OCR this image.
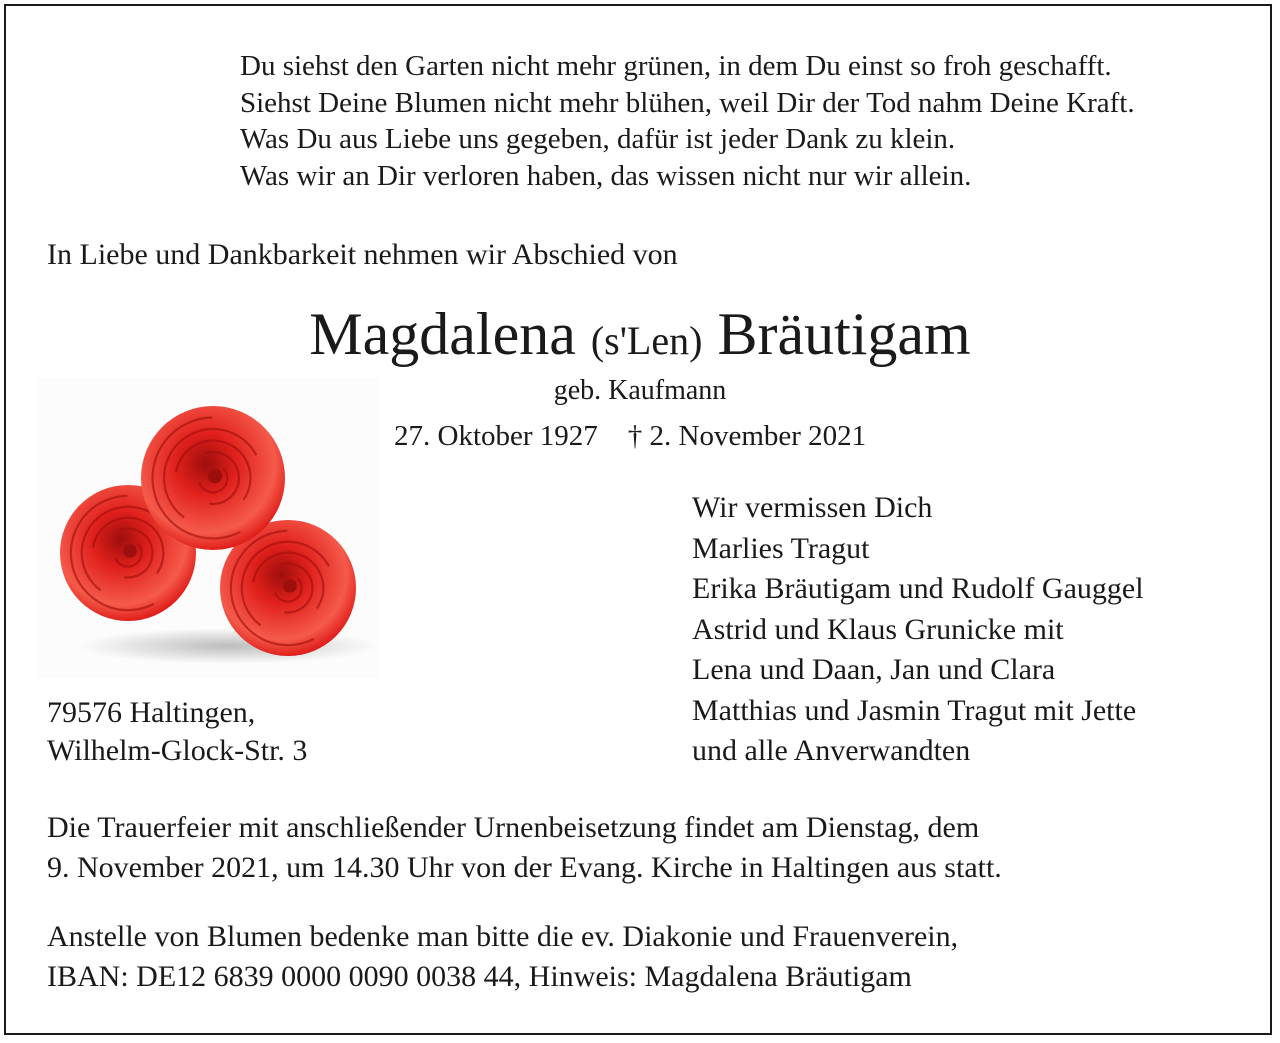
Du siehst den Garten nicht mehr grünen, in dem Du einst so froh geschafft.
Siehst Deine Blumen nicht mehr blühen, weil Dir der Tod nahm Deine Kraft.
Was Du aus Liebe uns gegeben, dafür ist jeder Dank zu klein.
Was wir an Dir verloren haben, das wissen nicht nur wir allein.
In Liebe und Dankbarkeit nehmen wir Abschied von
Magdalena (s'Len) Bräutigam
geb. Kaufmann
27. Oktober 1927 † 2. November 2021
79576 Haltingen,
Wilhelm-Glock-Str. 3
Wir vermissen Dich
Marlies Tragut
Erika Bräutigam und Rudolf Gauggel
Astrid und Klaus Grunicke mit
Lena und Daan, Jan und Clara
Matthias und Jasmin Tragut mit Jette
und alle Anverwandten
Die Trauerfeier mit anschließender Urnenbeisetzung findet am Dienstag, dem
9. November 2021, um 14.30 Uhr von der Evang. Kirche in Haltingen aus statt.
Anstelle von Blumen bedenke man bitte die ev. Diakonie und Frauenverein,
IBAN: DE12 6839 0000 0090 0038 44, Hinweis: Magdalena Bräutigam
